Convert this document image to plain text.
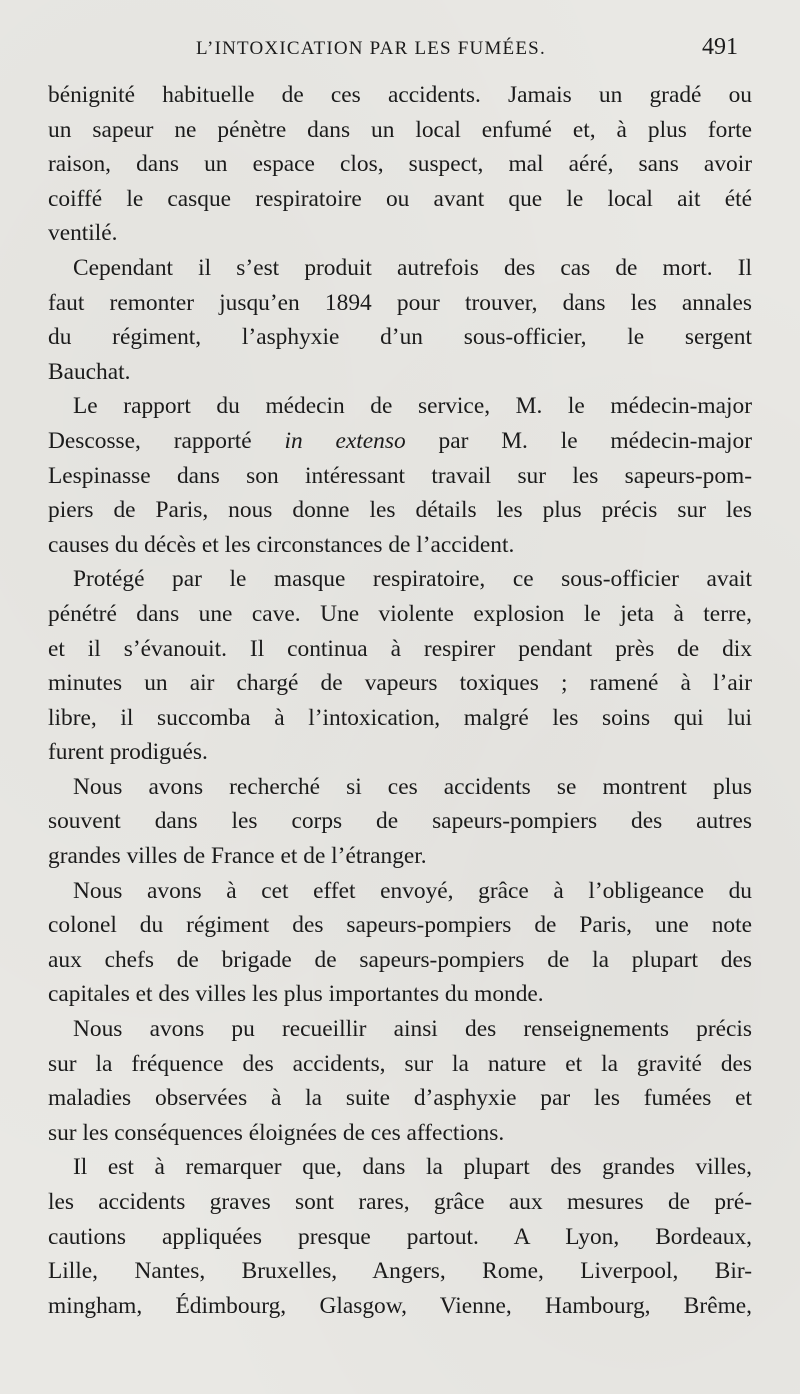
L’INTOXICATION PAR LES FUMÉES.	491
bénignité habituelle de ces accidents. Jamais un gradé ou
un sapeur ne pénètre dans un local enfumé et, à plus forte
raison, dans un espace clos, suspect, mal aéré, sans avoir
coiffé le casque respiratoire ou avant que le local ait été
ventilé.
Cependant il s’est produit autrefois des cas de mort. Il
faut remonter jusqu’en 1894 pour trouver, dans les annales
du régiment, l’asphyxie d’un sous-officier, le sergent
Bauchat.
Le rapport du médecin de service, M. le médecin-major
Descosse, rapporté in extenso par M. le médecin-major
Lespinasse dans son intéressant travail sur les sapeurs-pom-
piers de Paris, nous donne les détails les plus précis sur les
causes du décès et les circonstances de l’accident.
Protégé par le masque respiratoire, ce sous-officier avait
pénétré dans une cave. Une violente explosion le jeta à terre,
et il s’évanouit. Il continua à respirer pendant près de dix
minutes un air chargé de vapeurs toxiques ; ramené à l’air
libre, il succomba à l’intoxication, malgré les soins qui lui
furent prodigués.
Nous avons recherché si ces accidents se montrent plus
souvent dans les corps de sapeurs-pompiers des autres
grandes villes de France et de l’étranger.
Nous avons à cet effet envoyé, grâce à l’obligeance du
colonel du régiment des sapeurs-pompiers de Paris, une note
aux chefs de brigade de sapeurs-pompiers de la plupart des
capitales et des villes les plus importantes du monde.
Nous avons pu recueillir ainsi des renseignements précis
sur la fréquence des accidents, sur la nature et la gravité des
maladies observées à la suite d’asphyxie par les fumées et
sur les conséquences éloignées de ces affections.
Il est à remarquer que, dans la plupart des grandes villes,
les accidents graves sont rares, grâce aux mesures de pré-
cautions appliquées presque partout. A Lyon, Bordeaux,
Lille, Nantes, Bruxelles, Angers, Rome, Liverpool, Bir-
mingham, Édimbourg, Glasgow, Vienne, Hambourg, Brême,
